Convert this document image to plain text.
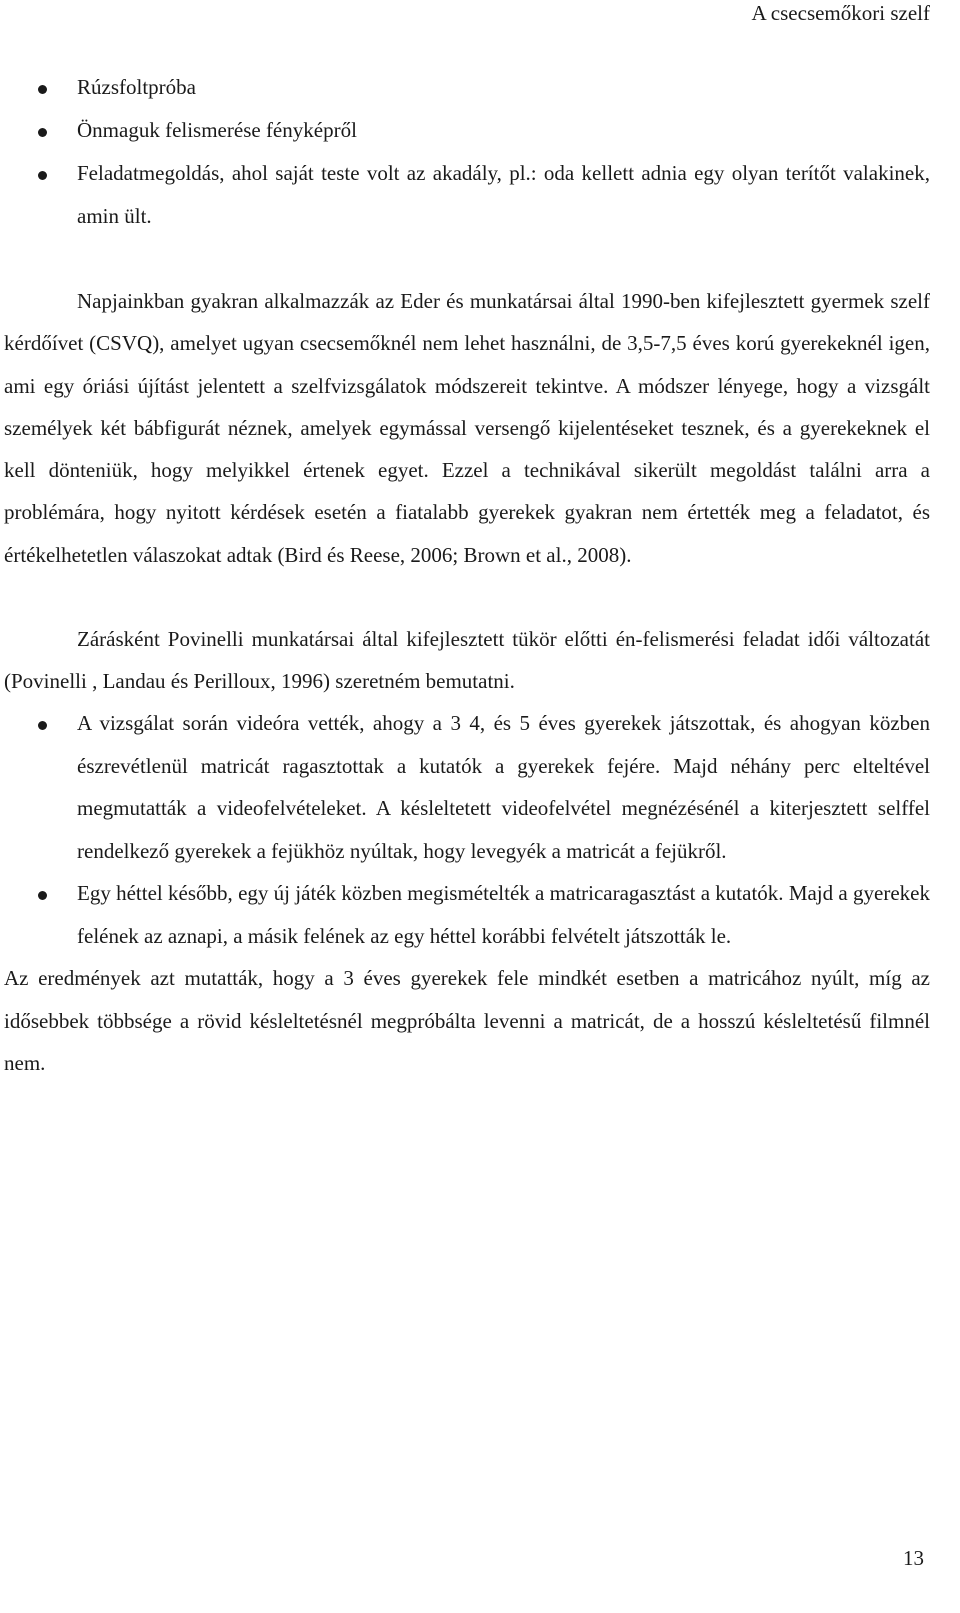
A csecsemőkori szelf
Rúzsfoltpróba
Önmaguk felismerése fényképről
Feladatmegoldás, ahol saját teste volt az akadály, pl.: oda kellett adnia egy olyan terítőt valakinek, amin ült.

Napjainkban gyakran alkalmazzák az Eder és munkatársai által 1990-ben kifejlesztett gyermek szelf kérdőívet (CSVQ), amelyet ugyan csecsemőknél nem lehet használni, de 3,5-7,5 éves korú gyerekeknél igen, ami egy óriási újítást jelentett a szelfvizsgálatok módszereit tekintve. A módszer lényege, hogy a vizsgált személyek két bábfigurát néznek, amelyek egymással versengő kijelentéseket tesznek, és a gyerekeknek el kell dönteniük, hogy melyikkel értenek egyet. Ezzel a technikával sikerült megoldást találni arra a problémára, hogy nyitott kérdések esetén a fiatalabb gyerekek gyakran nem értették meg a feladatot, és értékelhetetlen válaszokat adtak (Bird és Reese, 2006; Brown et al., 2008).

Zárásként Povinelli munkatársai által kifejlesztett tükör előtti én-felismerési feladat idői változatát (Povinelli , Landau és Perilloux, 1996) szeretném bemutatni.

A vizsgálat során videóra vették, ahogy a 3 4, és 5 éves gyerekek játszottak, és ahogyan közben észrevétlenül matricát ragasztottak a kutatók a gyerekek fejére. Majd néhány perc elteltével megmutatták a videofelvételeket. A késleltetett videofelvétel megnézésénél a kiterjesztett selffel rendelkező gyerekek a fejükhöz nyúltak, hogy levegyék a matricát a fejükről.
Egy héttel később, egy új játék közben megismételték a matricaragasztást a kutatók. Majd a gyerekek felének az aznapi, a másik felének az egy héttel korábbi felvételt játszották le.

Az eredmények azt mutatták, hogy a 3 éves gyerekek fele mindkét esetben a matricához nyúlt, míg az idősebbek többsége a rövid késleltetésnél megpróbálta levenni a matricát, de a hosszú késleltetésű filmnél nem.

13
